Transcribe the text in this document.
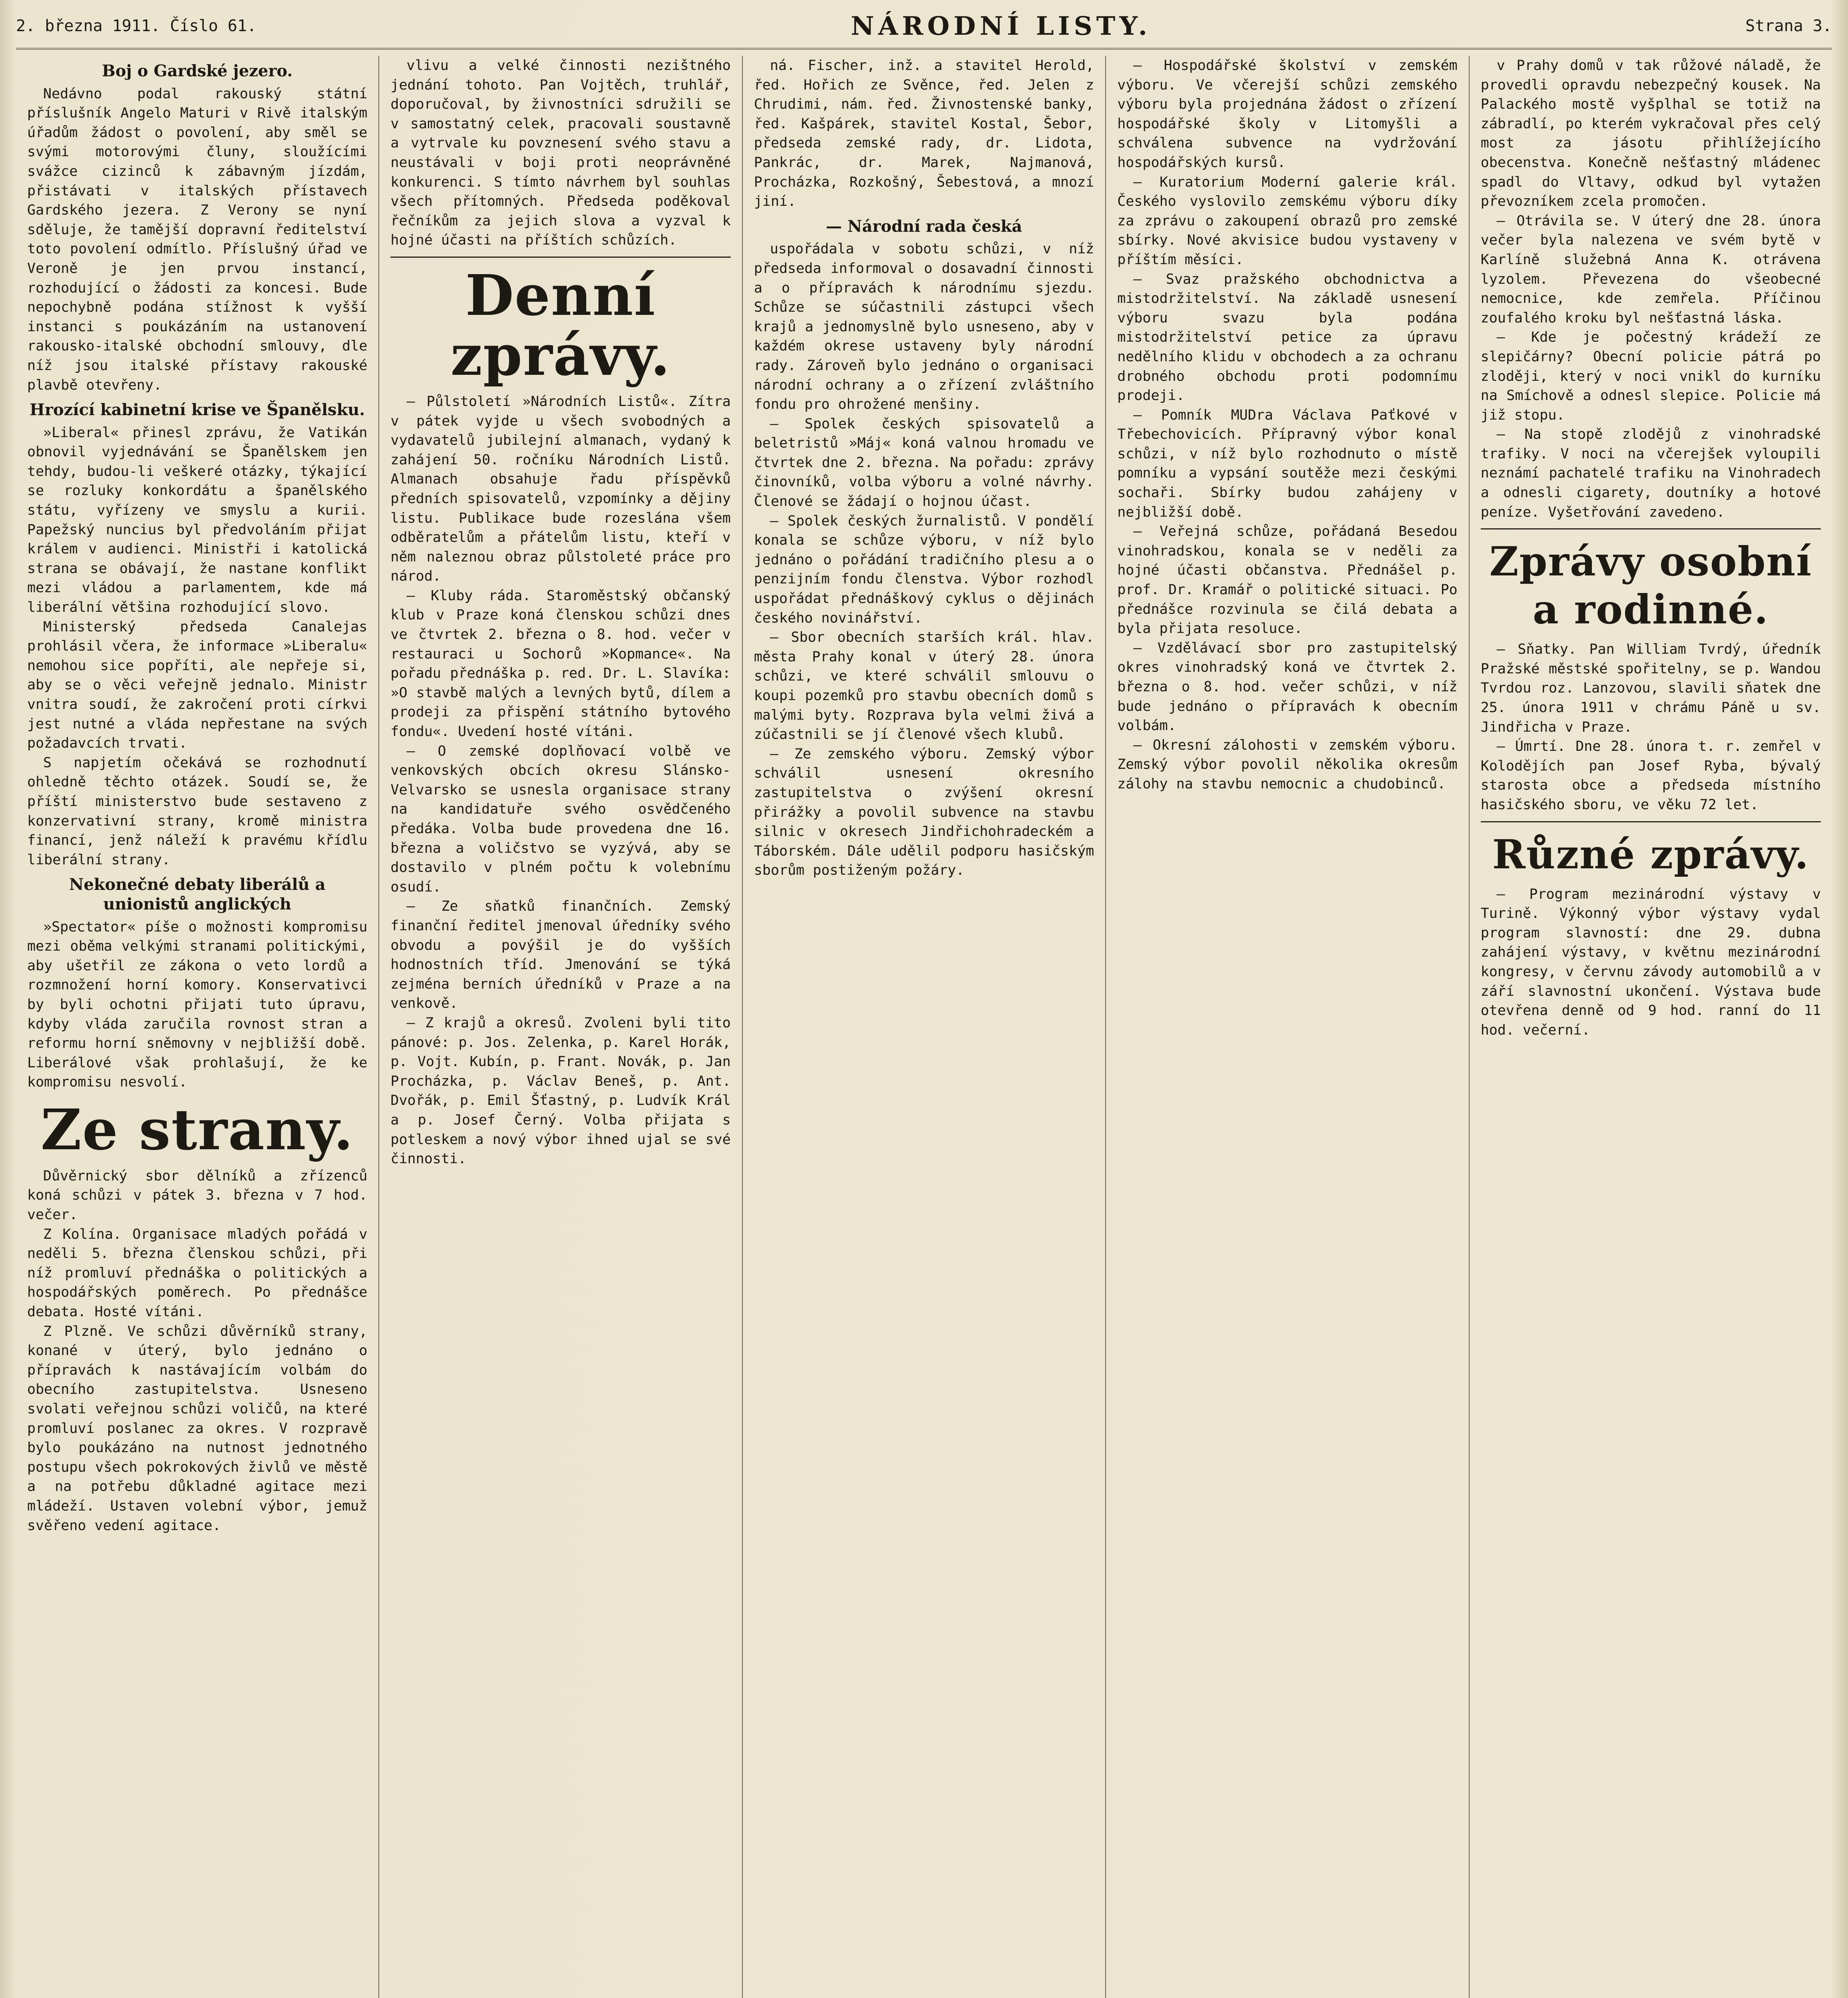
2. března 1911. Číslo 61.	NÁRODNÍ LISTY.	Strana 3.
Boj o Gardské jezero.

Nedávno podal rakouský státní příslušník Angelo Maturi v Rivě italským úřadům žádost o povolení, aby směl se svými motorovými čluny, sloužícími svážce cizinců k zábavným jízdám, přistávati v italských přístavech Gardského jezera. Z Verony se nyní sděluje, že tamější dopravní ředitelství toto povolení odmítlo. Příslušný úřad ve Veroně je jen prvou instancí, rozhodující o žádosti za koncesi. Bude nepochybně podána stížnost k vyšší instanci s poukázáním na ustanovení rakousko-italské obchodní smlouvy, dle níž jsou italské přístavy rakouské plavbě otevřeny.

Hrozící kabinetní krise ve Španělsku.

»Liberal« přinesl zprávu, že Vatikán obnovil vyjednávání se Španělskem jen tehdy, budou-li veškeré otázky, týkající se rozluky konkordátu a španělského státu, vyřízeny ve smyslu a kurii. Papežský nuncius byl předvoláním přijat králem v audienci. Ministři i katolická strana se obávají, že nastane konflikt mezi vládou a parlamentem, kde má liberální většina rozhodující slovo.

Ministerský předseda Canalejas prohlásil včera, že informace »Liberalu« nemohou sice popříti, ale nepřeje si, aby se o věci veřejně jednalo. Ministr vnitra soudí, že zakročení proti církvi jest nutné a vláda nepřestane na svých požadavcích trvati.

S napjetím očekává se rozhodnutí ohledně těchto otázek. Soudí se, že příští ministerstvo bude sestaveno z konzervativní strany, kromě ministra financí, jenž náleží k pravému křídlu liberální strany.

Nekonečné debaty liberálů a unionistů anglických

»Spectator« píše o možnosti kompromisu mezi oběma velkými stranami politickými, aby ušetřil ze zákona o veto lordů a rozmnožení horní komory. Konservativci by byli ochotni přijati tuto úpravu, kdyby vláda zaručila rovnost stran a reformu horní sněmovny v nejbližší době. Liberálové však prohlašují, že ke kompromisu nesvolí.

Ze strany.

Důvěrnický sbor dělníků a zřízenců koná schůzi v pátek 3. března v 7 hod. večer.

Z Kolína. Organisace mladých pořádá v neděli 5. března členskou schůzi, při níž promluví přednáška o politických a hospodářských poměrech. Po přednášce debata. Hosté vítáni.

Z Plzně. Ve schůzi důvěrníků strany, konané v úterý, bylo jednáno o přípravách k nastávajícím volbám do obecního zastupitelstva. Usneseno svolati veřejnou schůzi voličů, na které promluví poslanec za okres. V rozpravě bylo poukázáno na nutnost jednotného postupu všech pokrokových živlů ve městě a na potřebu důkladné agitace mezi mládeží. Ustaven volební výbor, jemuž svěřeno vedení agitace.

vlivu a velké činnosti nezištného jednání tohoto. Pan Vojtěch, truhlář, doporučoval, by živnostníci sdružili se v samostatný celek, pracovali soustavně a vytrvale ku povznesení svého stavu a neustávali v boji proti neoprávněné konkurenci. S tímto návrhem byl souhlas všech přítomných. Předseda poděkoval řečníkům za jejich slova a vyzval k hojné účasti na příštích schůzích.

Denní zprávy.

— Půlstoletí »Národních Listů«. Zítra v pátek vyjde u všech svobodných a vydavatelů jubilejní almanach, vydaný k zahájení 50. ročníku Národních Listů. Almanach obsahuje řadu příspěvků předních spisovatelů, vzpomínky a dějiny listu. Publikace bude rozeslána všem odběratelům a přátelům listu, kteří v něm naleznou obraz půlstoleté práce pro národ.

— Kluby ráda. Staroměstský občanský klub v Praze koná členskou schůzi dnes ve čtvrtek 2. března o 8. hod. večer v restauraci u Sochorů »Kopmance«. Na pořadu přednáška p. red. Dr. L. Slavíka: »O stavbě malých a levných bytů, dílem a prodeji za přispění státního bytového fondu«. Uvedení hosté vítáni.

— O zemské doplňovací volbě ve venkovských obcích okresu Slánsko-Velvarsko se usnesla organisace strany na kandidatuře svého osvědčeného předáka. Volba bude provedena dne 16. března a voličstvo se vyzývá, aby se dostavilo v plném počtu k volebnímu osudí.

— Ze sňatků finančních. Zemský finanční ředitel jmenoval úředníky svého obvodu a povýšil je do vyšších hodnostních tříd. Jmenování se týká zejména berních úředníků v Praze a na venkově.

— Z krajů a okresů. Zvoleni byli tito pánové: p. Jos. Zelenka, p. Karel Horák, p. Vojt. Kubín, p. Frant. Novák, p. Jan Procházka, p. Václav Beneš, p. Ant. Dvořák, p. Emil Šťastný, p. Ludvík Král a p. Josef Černý. Volba přijata s potleskem a nový výbor ihned ujal se své činnosti.

ná. Fischer, inž. a stavitel Herold, řed. Hořich ze Svěnce, řed. Jelen z Chrudimi, nám. řed. Živnostenské banky, řed. Kašpárek, stavitel Kostal, Šebor, předseda zemské rady, dr. Lidota, Pankrác, dr. Marek, Najmanová, Procházka, Rozkošný, Šebestová, a mnozí jiní.

— Národní rada česká

uspořádala v sobotu schůzi, v níž předseda informoval o dosavadní činnosti a o přípravách k národnímu sjezdu. Schůze se súčastnili zástupci všech krajů a jednomyslně bylo usneseno, aby v každém okrese ustaveny byly národní rady. Zároveň bylo jednáno o organisaci národní ochrany a o zřízení zvláštního fondu pro ohrožené menšiny.

— Spolek českých spisovatelů a beletristů »Máj« koná valnou hromadu ve čtvrtek dne 2. března. Na pořadu: zprávy činovníků, volba výboru a volné návrhy. Členové se žádají o hojnou účast.

— Spolek českých žurnalistů. V pondělí konala se schůze výboru, v níž bylo jednáno o pořádání tradičního plesu a o penzijním fondu členstva. Výbor rozhodl uspořádat přednáškový cyklus o dějinách českého novinářství.

— Sbor obecních starších král. hlav. města Prahy konal v úterý 28. února schůzi, ve které schválil smlouvu o koupi pozemků pro stavbu obecních domů s malými byty. Rozprava byla velmi živá a zúčastnili se jí členové všech klubů.

— Ze zemského výboru. Zemský výbor schválil usnesení okresního zastupitelstva o zvýšení okresní přirážky a povolil subvence na stavbu silnic v okresech Jindřichohradeckém a Táborském. Dále udělil podporu hasičským sborům postiženým požáry.

— Hospodářské školství v zemském výboru. Ve včerejší schůzi zemského výboru byla projednána žádost o zřízení hospodářské školy v Litomyšli a schválena subvence na vydržování hospodářských kursů.

— Kuratorium Moderní galerie král. Českého vyslovilo zemskému výboru díky za zprávu o zakoupení obrazů pro zemské sbírky. Nové akvisice budou vystaveny v příštím měsíci.

— Svaz pražského obchodnictva a mistodržitelství. Na základě usnesení výboru svazu byla podána mistodržitelství petice za úpravu nedělního klidu v obchodech a za ochranu drobného obchodu proti podomnímu prodeji.

— Pomník MUDra Václava Paťkové v Třebechovicích. Přípravný výbor konal schůzi, v níž bylo rozhodnuto o místě pomníku a vypsání soutěže mezi českými sochaři. Sbírky budou zahájeny v nejbližší době.

— Veřejná schůze, pořádaná Besedou vinohradskou, konala se v neděli za hojné účasti občanstva. Přednášel p. prof. Dr. Kramář o politické situaci. Po přednášce rozvinula se čilá debata a byla přijata resoluce.

— Vzdělávací sbor pro zastupitelský okres vinohradský koná ve čtvrtek 2. března o 8. hod. večer schůzi, v níž bude jednáno o přípravách k obecním volbám.

— Okresní zálohosti v zemském výboru. Zemský výbor povolil několika okresům zálohy na stavbu nemocnic a chudobinců.

v Prahy domů v tak růžové náladě, že provedli opravdu nebezpečný kousek. Na Palackého mostě vyšplhal se totiž na zábradlí, po kterém vykračoval přes celý most za jásotu přihlížejícího obecenstva. Konečně nešťastný mládenec spadl do Vltavy, odkud byl vytažen převozníkem zcela promočen.

— Otrávila se. V úterý dne 28. února večer byla nalezena ve svém bytě v Karlíně služebná Anna K. otrávena lyzolem. Převezena do všeobecné nemocnice, kde zemřela. Příčinou zoufalého kroku byl nešťastná láska.

— Kde je počestný krádeží ze slepičárny? Obecní policie pátrá po zloději, který v noci vnikl do kurníku na Smíchově a odnesl slepice. Policie má již stopu.

— Na stopě zlodějů z vinohradské trafiky. V noci na včerejšek vyloupili neznámí pachatelé trafiku na Vinohradech a odnesli cigarety, doutníky a hotové peníze. Vyšetřování zavedeno.

Zprávy osobní a rodinné.

— Sňatky. Pan William Tvrdý, úředník Pražské městské spořitelny, se p. Wandou Tvrdou roz. Lanzovou, slavili sňatek dne 25. února 1911 v chrámu Páně u sv. Jindřicha v Praze.

— Úmrtí. Dne 28. února t. r. zemřel v Kolodějích pan Josef Ryba, bývalý starosta obce a předseda místního hasičského sboru, ve věku 72 let.

Různé zprávy.

— Program mezinárodní výstavy v Turině. Výkonný výbor výstavy vydal program slavností: dne 29. dubna zahájení výstavy, v květnu mezinárodní kongresy, v červnu závody automobilů a v září slavnostní ukončení. Výstava bude otevřena denně od 9 hod. ranní do 11 hod. večerní.
